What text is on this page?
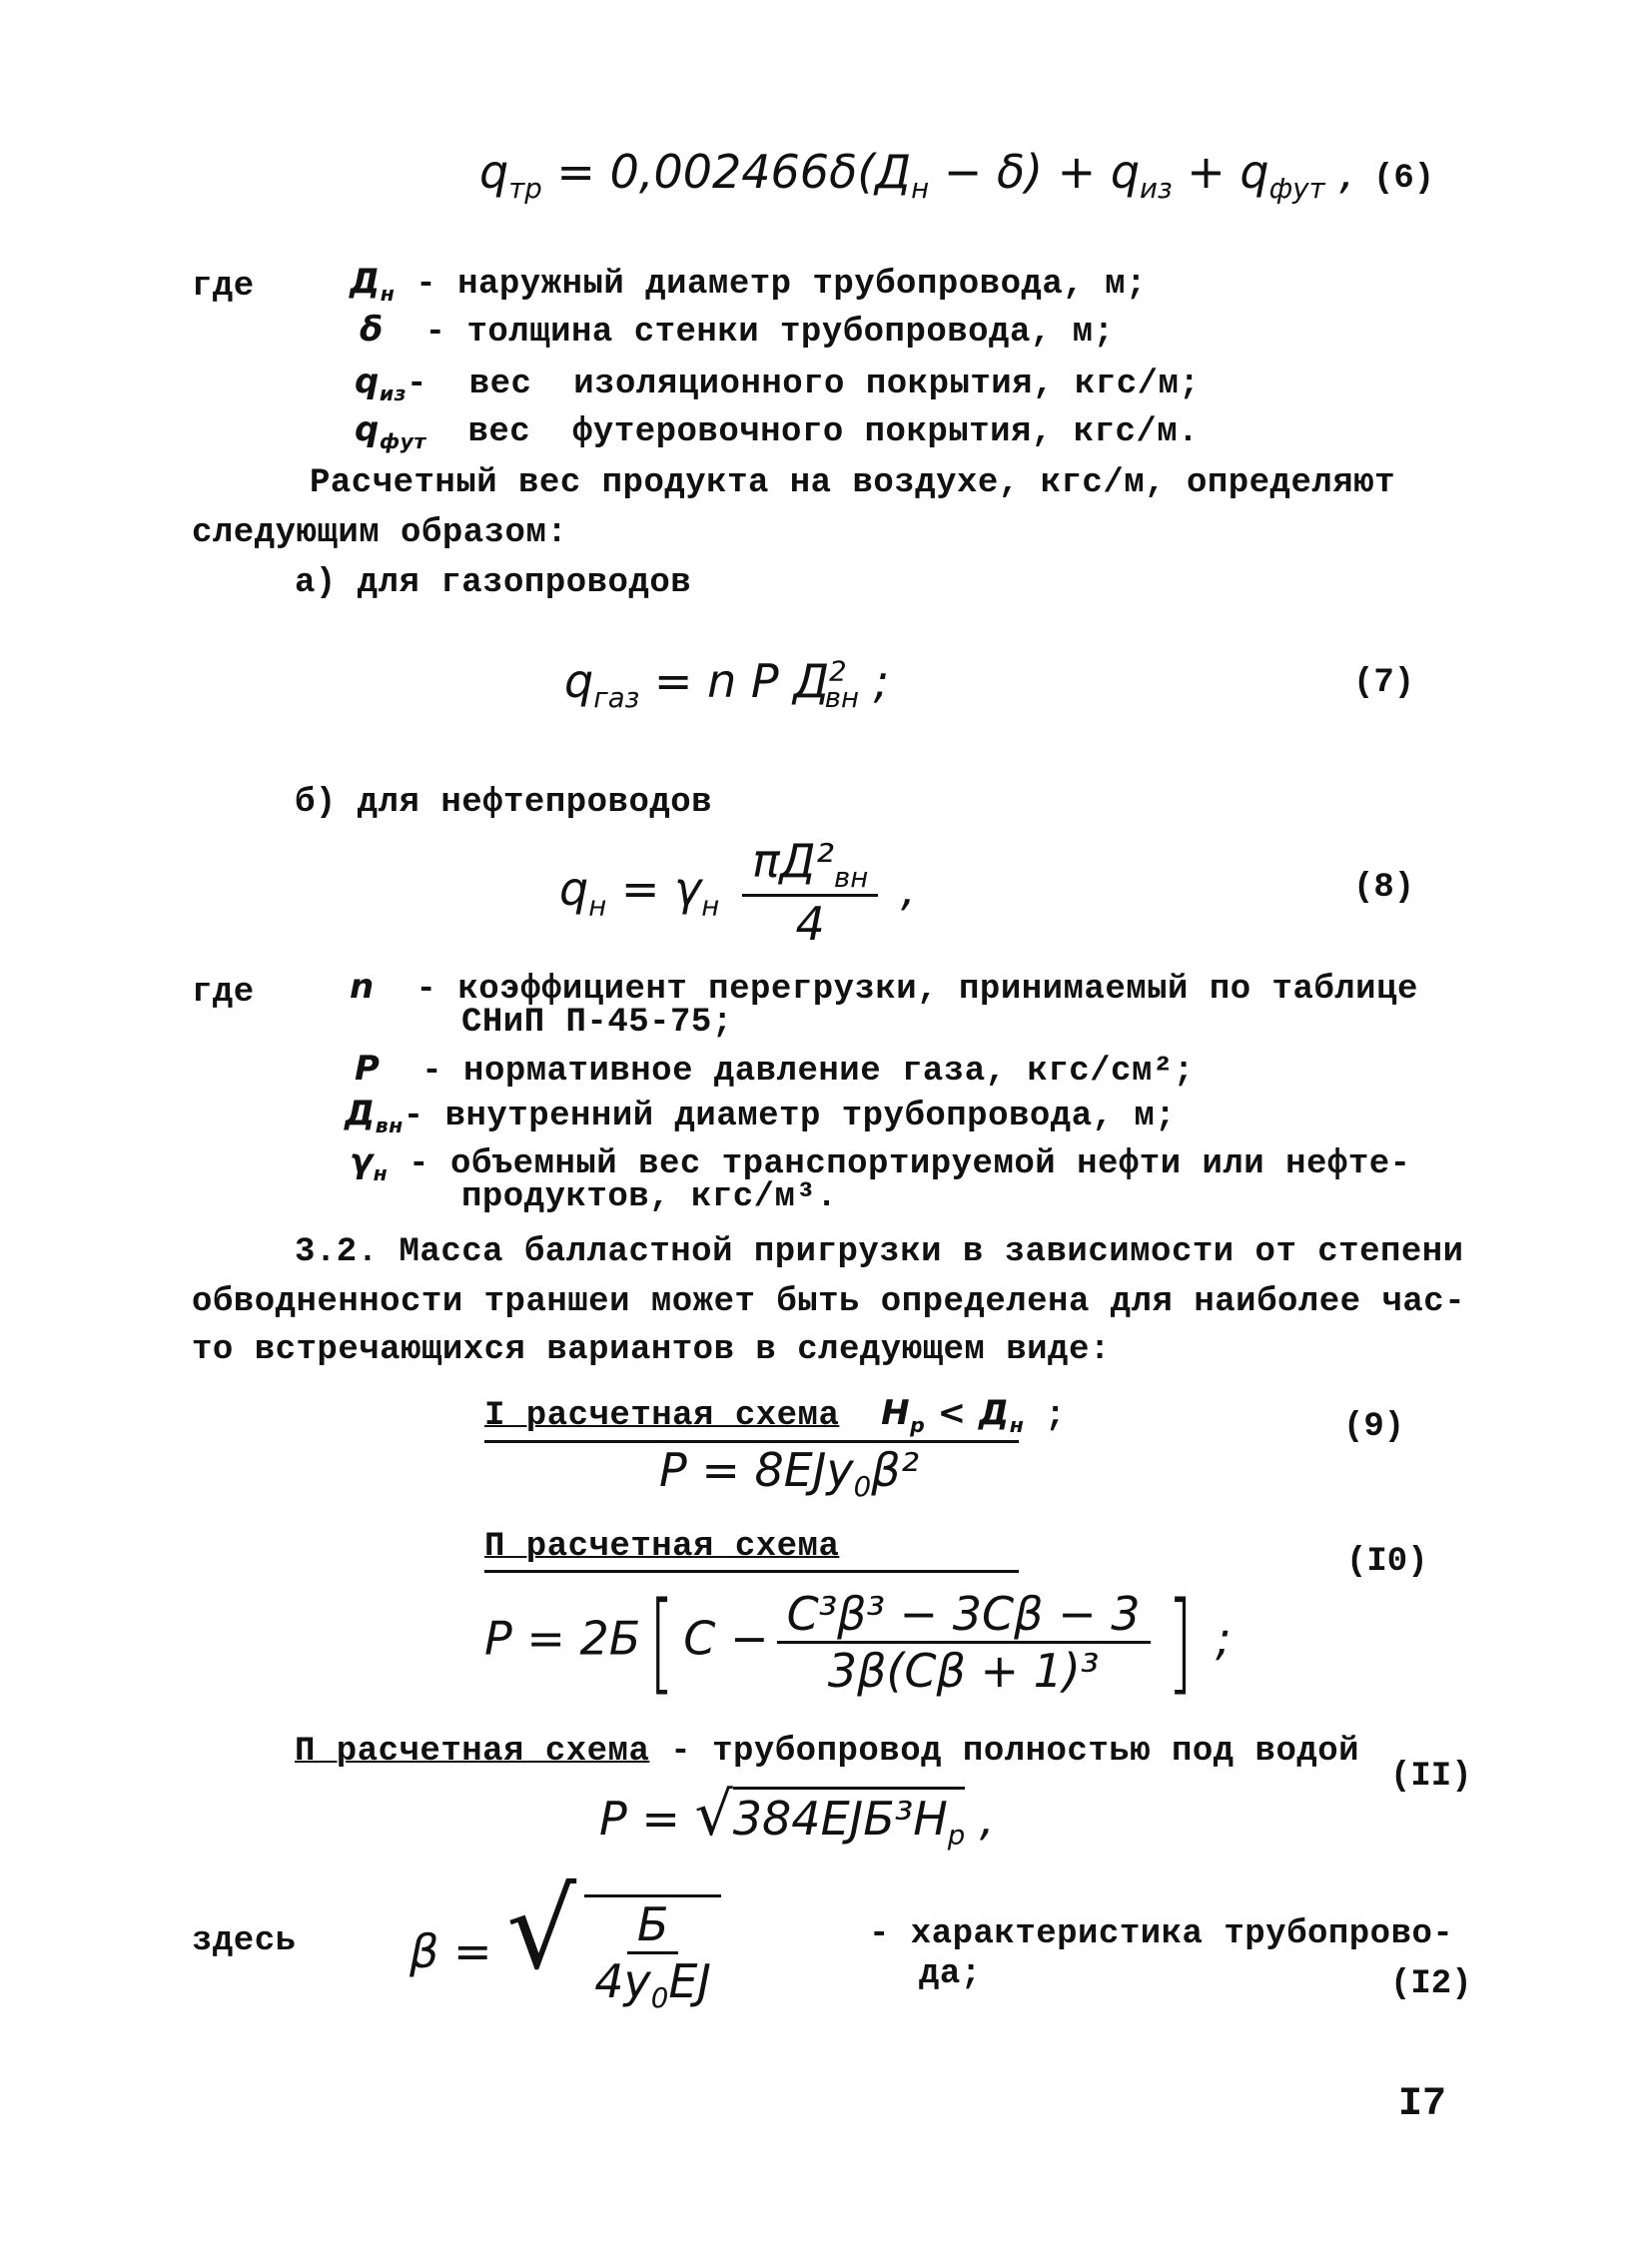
$q_{тр} = 0,002466\delta(Д_н - \delta) + q_{из} + q_{фут}$ , (6)
где	$Д_н$ - наружный диаметр трубопровода, м;
δ  - толщина стенки трубопровода, м;
$q_{из}-$  вес  изоляционного покрытия, кгс/м;
$q_{фут}$  вес  футеровочного покрытия, кгс/м.
Расчетный вес продукта на воздухе, кгс/м, определяют
следующим образом:
а) для газопроводов
$q_{газ} = n$ P $Д^2_{вн}$ ;	(7)
б) для нефтепроводов
$q_н = \gamma_н \frac{\pi Д^2_{вн}}{4}$ ,	(8)
где	n  - коэффициент перегрузки, принимаемый по таблице
СНиП П-45-75;
P  - нормативное давление газа, кгс/см²;
$Д_{вн}-$ внутренний диаметр трубопровода, м;
$\gamma_н$ - объемный вес транспортируемой нефти или нефте-
продуктов, кгс/м³.
3.2. Масса балластной пригрузки в зависимости от степени
обводненности траншеи может быть определена для наиболее час-
то встречающихся вариантов в следующем виде:
I расчетная схема $H_p < Д_н$ ;
P = 8EJy$_0$β²
(9)
П расчетная схема
P = 2Б[ $C - \frac{\text{C³β³ − 3Cβ − 3}}{\text{3β(Cβ + 1)³}}$ ] ;
(I0)
П расчетная схема - трубопровод полностью под водой
$P = √384EJБ^3H_p$ ,
(II)
здесь β = √ $\frac{Б}{4y_0EJ}$	- характеристика трубопрово-
да;	(I2)
I7
